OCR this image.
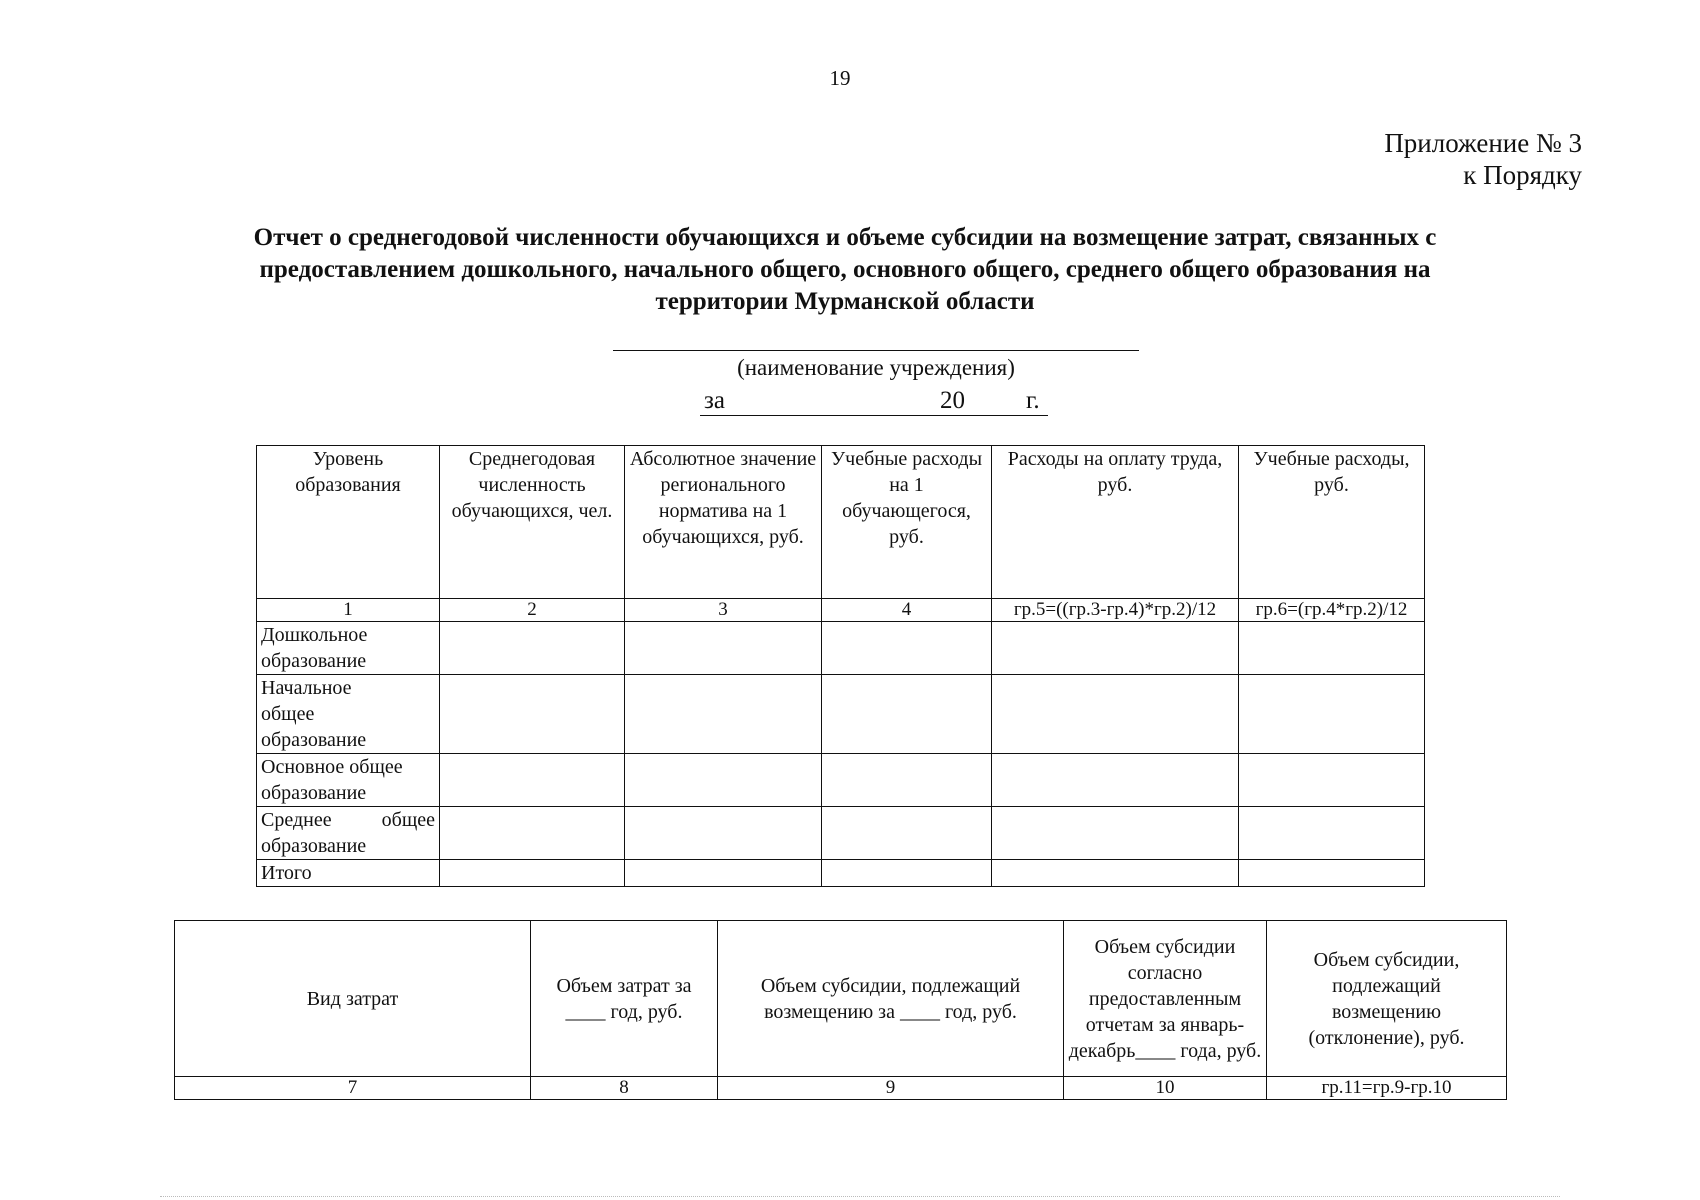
19
Приложение № 3
к Порядку
Отчет о среднегодовой численности обучающихся и объеме субсидии на возмещение затрат, связанных с
предоставлением дошкольного, начального общего, основного общего, среднего общего образования на
территории Мурманской области
(наименование учреждения)
за	20 г.
Уровень образования	Среднегодовая численность обучающихся, чел.	Абсолютное значение регионального норматива на 1 обучающихся, руб.	Учебные расходы на 1 обучающегося, руб.	Расходы на оплату труда, руб.	Учебные расходы, руб.
1	2	3	4	гр.5=((гр.3-гр.4)*гр.2)/12	гр.6=(гр.4*гр.2)/12
Дошкольное образование					
Начальное общее образование					
Основное общее образование					
Среднее общее образование					
Итого					
Вид затрат	Объем затрат за ____ год, руб.	Объем субсидии, подлежащий возмещению за ____ год, руб.	Объем субсидии согласно предоставленным отчетам за январь-декабрь____ года, руб.	Объем субсидии, подлежащий возмещению (отклонение), руб.
7	8	9	10	гр.11=гр.9-гр.10
